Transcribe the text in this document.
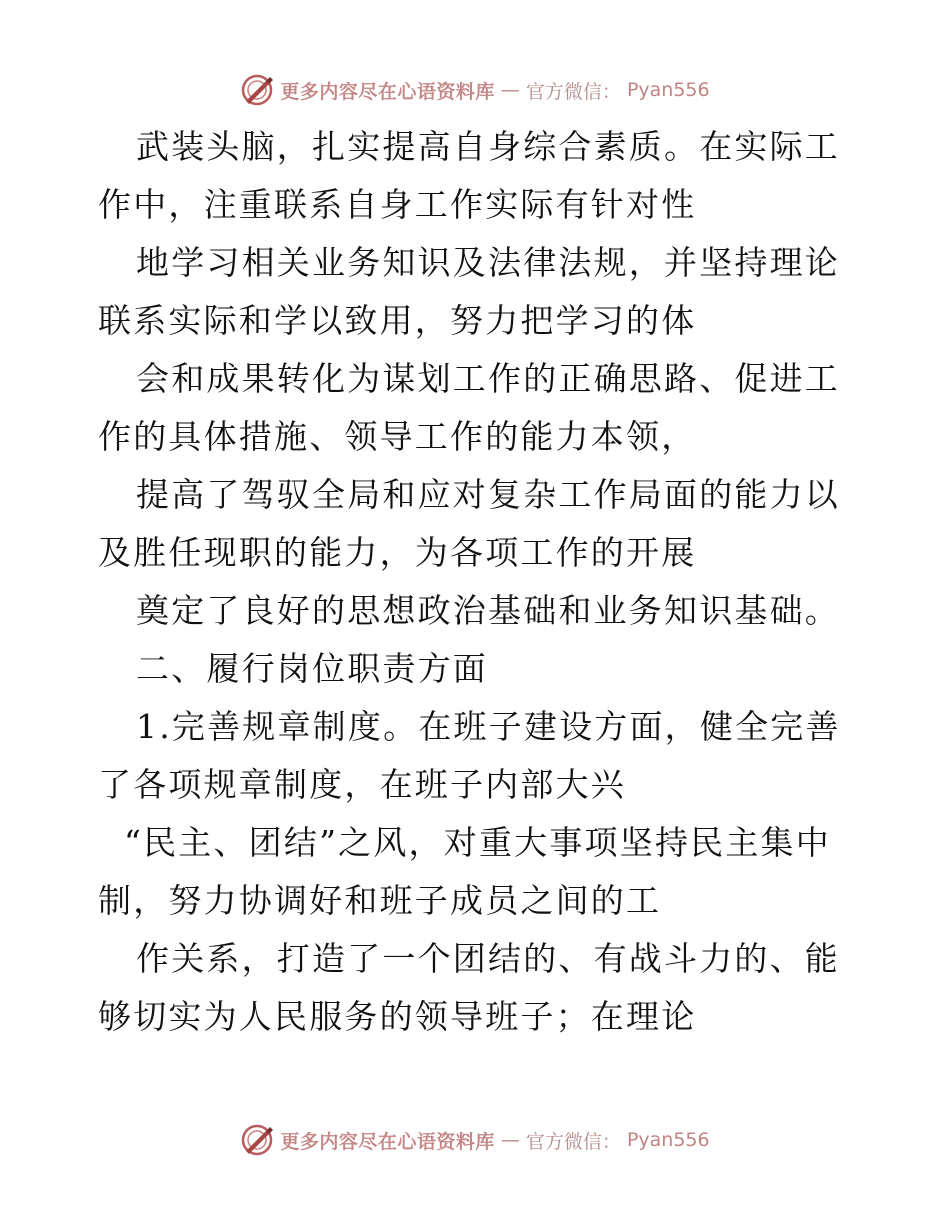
更多内容尽在心语资料库 — 官方微信： Pyan556

武装头脑，扎实提高自身综合素质。在实际工作中，注重联系自身工作实际有针对性

地学习相关业务知识及法律法规，并坚持理论联系实际和学以致用，努力把学习的体

会和成果转化为谋划工作的正确思路、促进工作的具体措施、领导工作的能力本领，

提高了驾驭全局和应对复杂工作局面的能力以及胜任现职的能力，为各项工作的开展

奠定了良好的思想政治基础和业务知识基础。

二、履行岗位职责方面

1.完善规章制度。在班子建设方面，健全完善了各项规章制度，在班子内部大兴

“民主、团结”之风，对重大事项坚持民主集中制，努力协调好和班子成员之间的工

作关系，打造了一个团结的、有战斗力的、能够切实为人民服务的领导班子；在理论

更多内容尽在心语资料库 — 官方微信： Pyan556
